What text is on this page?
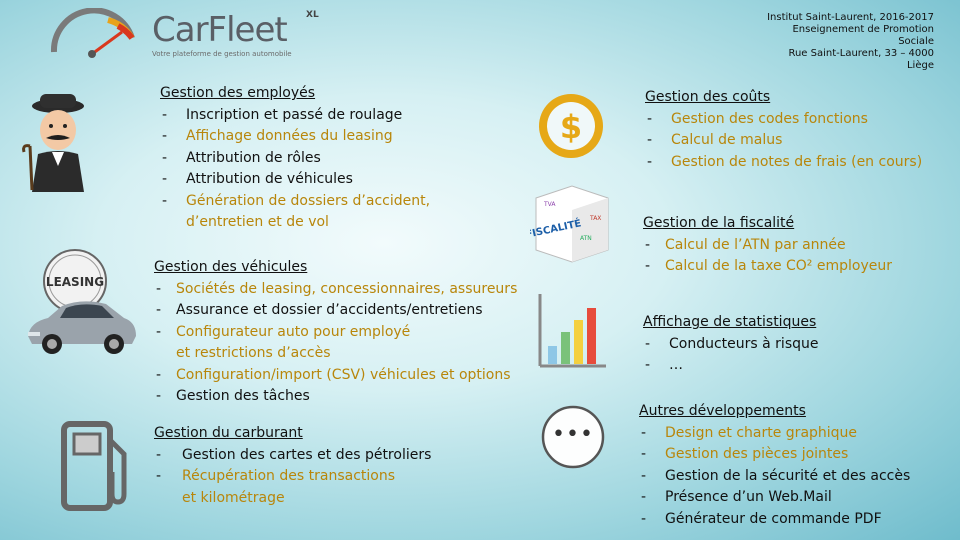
CarFleet XL
Votre plateforme de gestion automobile
Institut Saint-Laurent, 2016-2017
Enseignement de Promotion
Sociale
Rue Saint-Laurent, 33 – 4000
Liège
LEASING
$
FISCALITÉ TAX
ATN
TVA
•••
Gestion des employés
- Inscription et passé de roulage
- Affichage données du leasing
- Attribution de rôles
- Attribution de véhicules
- Génération de dossiers d’accident,
d’entretien et de vol
Gestion des véhicules
- Sociétés de leasing, concessionnaires, assureurs
- Assurance et dossier d’accidents/entretiens
- Configurateur auto pour employé
et restrictions d’accès
- Configuration/import (CSV) véhicules et options
- Gestion des tâches
Gestion du carburant
- Gestion des cartes et des pétroliers
- Récupération des transactions
et kilométrage
Gestion des coûts
- Gestion des codes fonctions
- Calcul de malus
- Gestion de notes de frais (en cours)
Gestion de la fiscalité
- Calcul de l’ATN par année
- Calcul de la taxe CO² employeur
Affichage de statistiques
- Conducteurs à risque
- …
Autres développements
- Design et charte graphique
- Gestion des pièces jointes
- Gestion de la sécurité et des accès
- Présence d’un Web.Mail
- Générateur de commande PDF
